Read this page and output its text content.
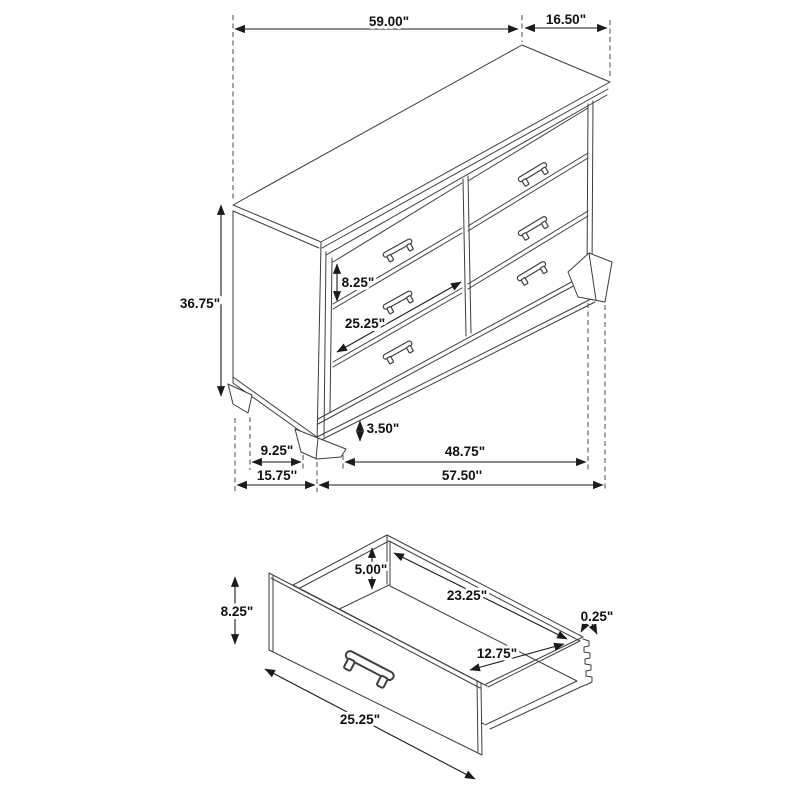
59.00"	16.50"
36.75"
8.25"
25.25"
3.50"
9.25"	48.75"
15.75''	57.50''
8.25"
5.00"
23.25"
12.75"
25.25"
0.25"
